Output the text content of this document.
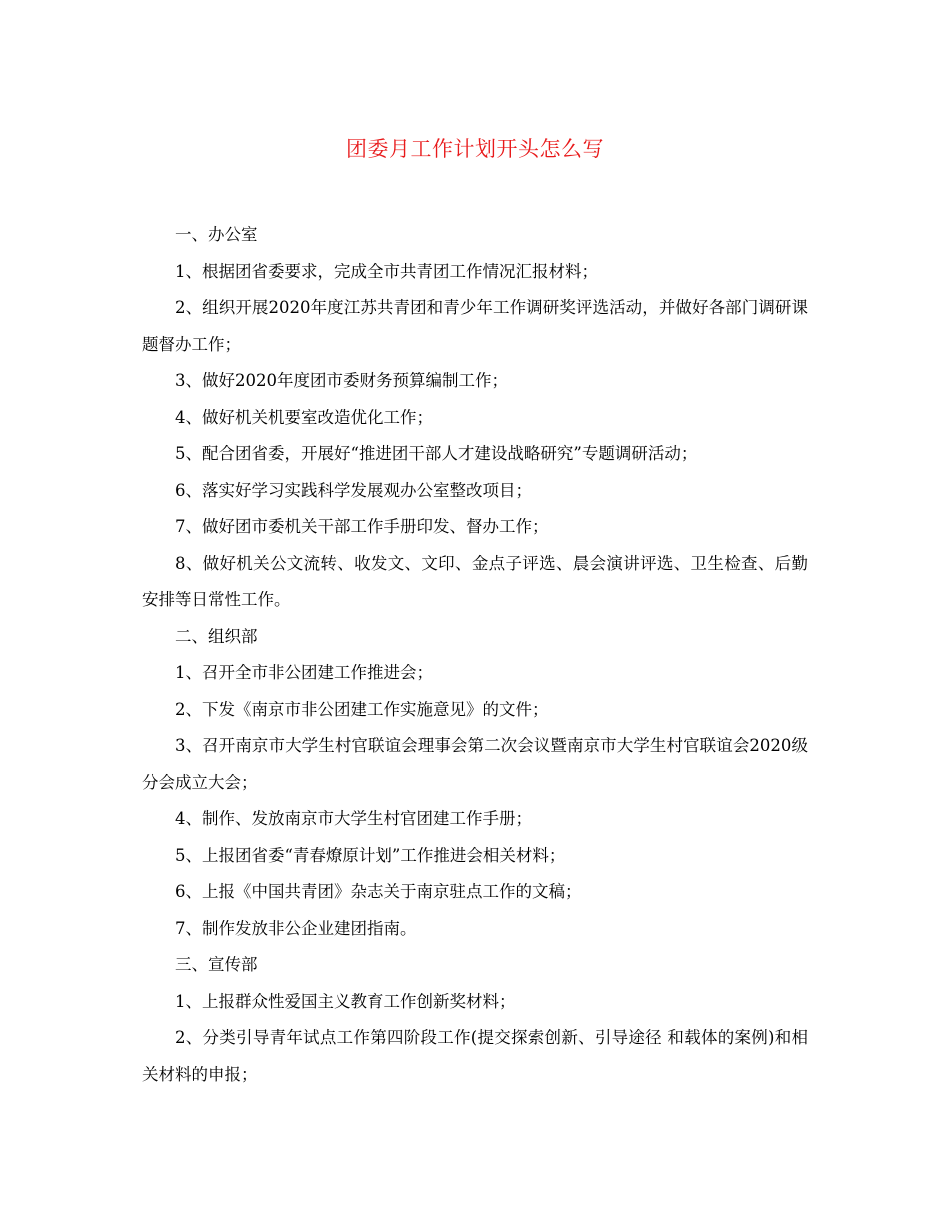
团委月工作计划开头怎么写

一、办公室

1、根据团省委要求，完成全市共青团工作情况汇报材料；

2、组织开展2020年度江苏共青团和青少年工作调研奖评选活动，并做好各部门调研课题督办工作；

3、做好2020年度团市委财务预算编制工作；

4、做好机关机要室改造优化工作；

5、配合团省委，开展好“推进团干部人才建设战略研究”专题调研活动；

6、落实好学习实践科学发展观办公室整改项目；

7、做好团市委机关干部工作手册印发、督办工作；

8、做好机关公文流转、收发文、文印、金点子评选、晨会演讲评选、卫生检查、后勤安排等日常性工作。

二、组织部

1、召开全市非公团建工作推进会；

2、下发《南京市非公团建工作实施意见》的文件；

3、召开南京市大学生村官联谊会理事会第二次会议暨南京市大学生村官联谊会2020级分会成立大会；

4、制作、发放南京市大学生村官团建工作手册；

5、上报团省委“青春燎原计划”工作推进会相关材料；

6、上报《中国共青团》杂志关于南京驻点工作的文稿；

7、制作发放非公企业建团指南。

三、宣传部

1、上报群众性爱国主义教育工作创新奖材料；

2、分类引导青年试点工作第四阶段工作(提交探索创新、引导途径 和载体的案例)和相关材料的申报；
